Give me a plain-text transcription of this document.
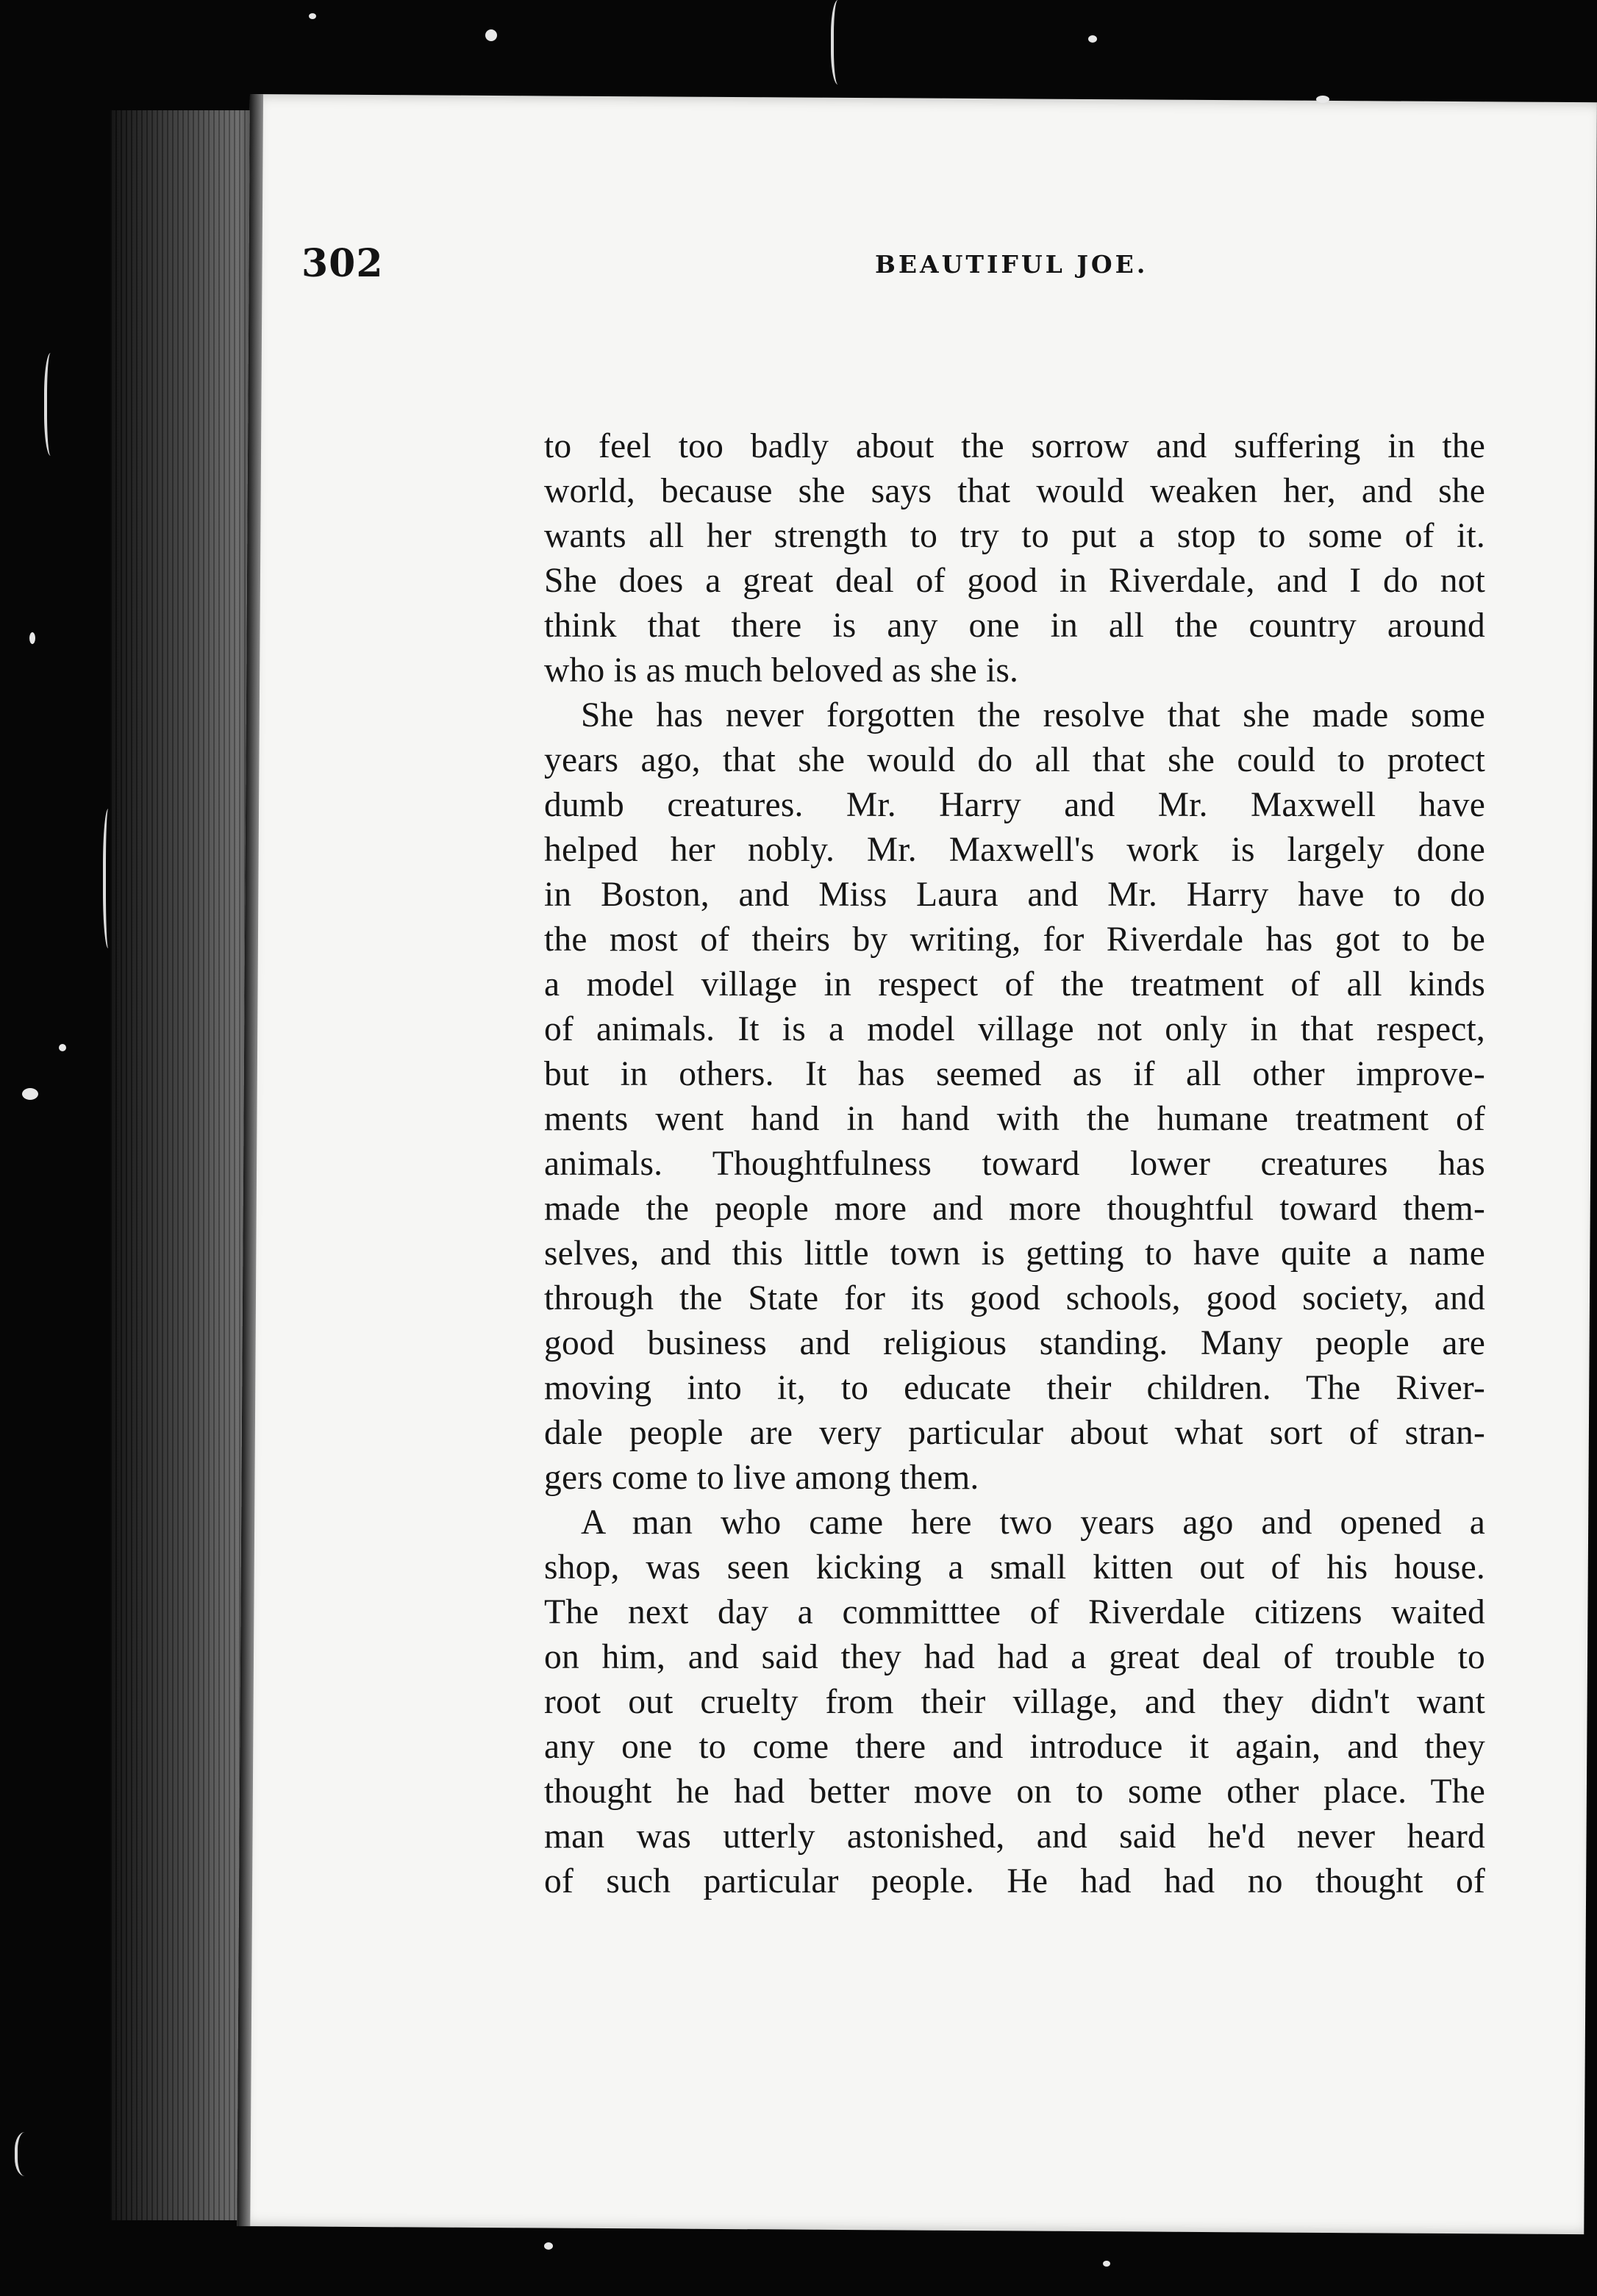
302	BEAUTIFUL JOE.
to feel too badly about the sorrow and suffering in the
world, because she says that would weaken her, and she
wants all her strength to try to put a stop to some of it.
She does a great deal of good in Riverdale, and I do not
think that there is any one in all the country around
who is as much beloved as she is.
She has never forgotten the resolve that she made some
years ago, that she would do all that she could to protect
dumb creatures. Mr. Harry and Mr. Maxwell have
helped her nobly. Mr. Maxwell's work is largely done
in Boston, and Miss Laura and Mr. Harry have to do
the most of theirs by writing, for Riverdale has got to be
a model village in respect of the treatment of all kinds
of animals. It is a model village not only in that respect,
but in others. It has seemed as if all other improve-
ments went hand in hand with the humane treatment of
animals. Thoughtfulness toward lower creatures has
made the people more and more thoughtful toward them-
selves, and this little town is getting to have quite a name
through the State for its good schools, good society, and
good business and religious standing. Many people are
moving into it, to educate their children. The River-
dale people are very particular about what sort of stran-
gers come to live among them.
A man who came here two years ago and opened a
shop, was seen kicking a small kitten out of his house.
The next day a committtee of Riverdale citizens waited
on him, and said they had had a great deal of trouble to
root out cruelty from their village, and they didn't want
any one to come there and introduce it again, and they
thought he had better move on to some other place. The
man was utterly astonished, and said he'd never heard
of such particular people. He had had no thought of
